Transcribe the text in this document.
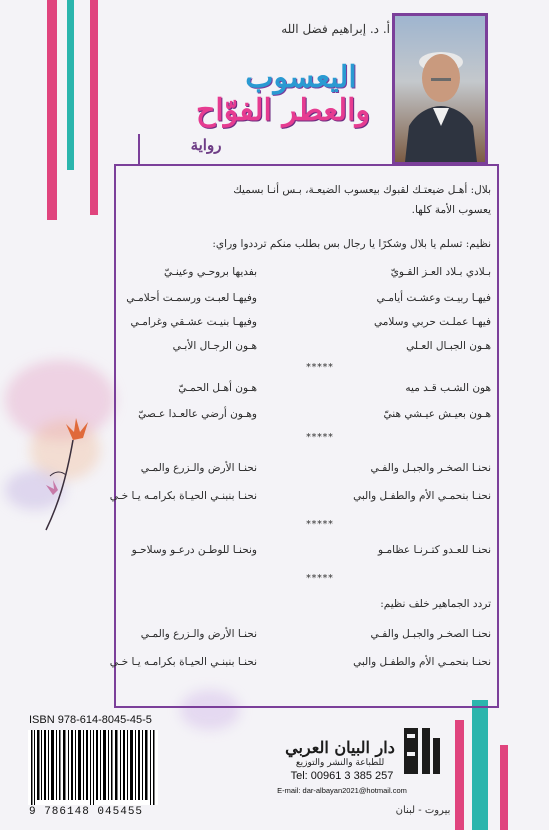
أ. د. إبراهيم فضل الله
اليعسوب
والعطر الفوّاح
رواية
بلال: أهـل ضيعتـك لقبوك بيعسوب الضيعـة، بـس أنـا بسميك
يعسوب الأمة كلها.
نظيم: تسلم يا بلال وشكرًا يا رجال بس بطلب منكم ترددوا وراي:
بـلادي بـلاد العـز القـويّ
بفديها بروحـي وعينـيّ
فيهـا ربيـت وعشـت أيامـي
وفيهـا لعبـت ورسمـت أحلامـي
فيهـا عملـت حربي وسلامي
وفيهـا بنيـت عشـقي وغرامـي
هـون الجبـال العـلي
هـون الرجـال الأبـي
*****
هون الشـب قـد ميه
هـون أهـل الحمـيّ
هـون بعيـش عيـشي هنيّ
وهـون أرضي عالعـدا عـصيّ
*****
نحنـا الصخـر والجبـل والفـي
نحنـا الأرض والـزرع والمـي
نحنـا بنحمـي الأم والطفـل والبي
نحنـا بنبنـي الحيـاة بكرامـه يـا خـي
*****
نحنـا للعـدو كتـرنـا عظامـو
ونحنـا للوطـن درعـو وسلاحـو
*****
تردد الجماهير خلف نظيم:
نحنـا الصخـر والجبـل والفـي
نحنـا الأرض والـزرع والمـي
نحنـا بنحمـي الأم والطفـل والبي
نحنـا بنبنـي الحيـاة بكرامـه يـا خـي
ISBN 978-614-8045-45-5
9 786148 045455
دار البيان العربي
للطباعة والنشر والتوزيع
Tel: 00961 3 385 257
E-mail: dar-albayan2021@hotmail.com
بيروت - لبنان
